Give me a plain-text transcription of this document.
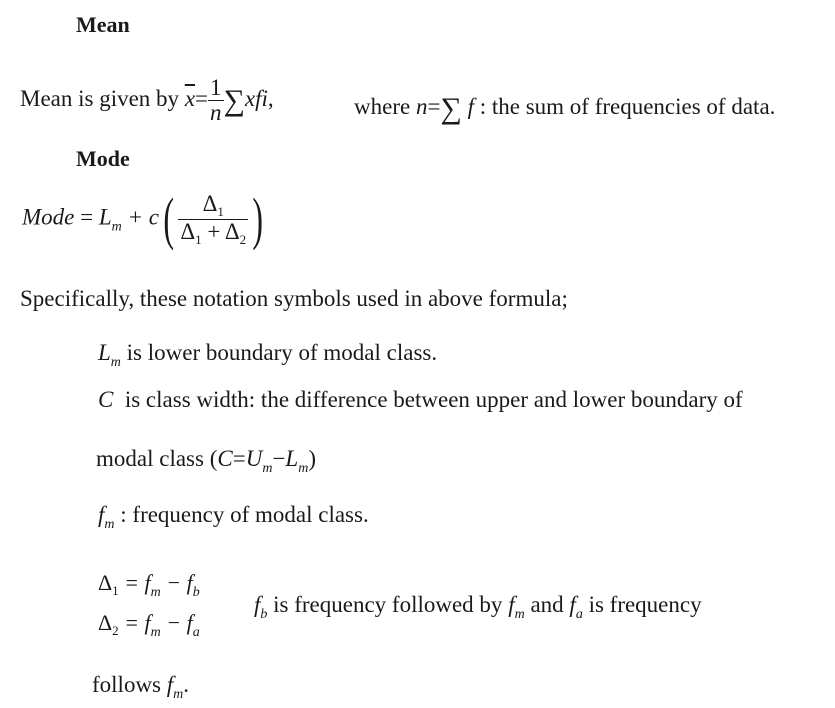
Mean
Mean is given by $\overline{x}= \frac{1}{n} \sum xfi$,	where n=∑ f : the sum of frequencies of data.
Mode
Mode = $L_m + c( \frac{\Delta_1}{\Delta_1 + \Delta_2}$ )
Specifically, these notation symbols used in above formula;
$L_m$ is lower boundary of modal class.
C is class width: the difference between upper and lower boundary of
modal class $(C=U_m-L_m)$
$f_m$ : frequency of modal class.
$\Delta_1 = f_m - f_b$
$\Delta_2 = f_m - f_a$
$f_b$ is frequency followed by $f_m$ and $f_a$ is frequency
follows $f_m$.
